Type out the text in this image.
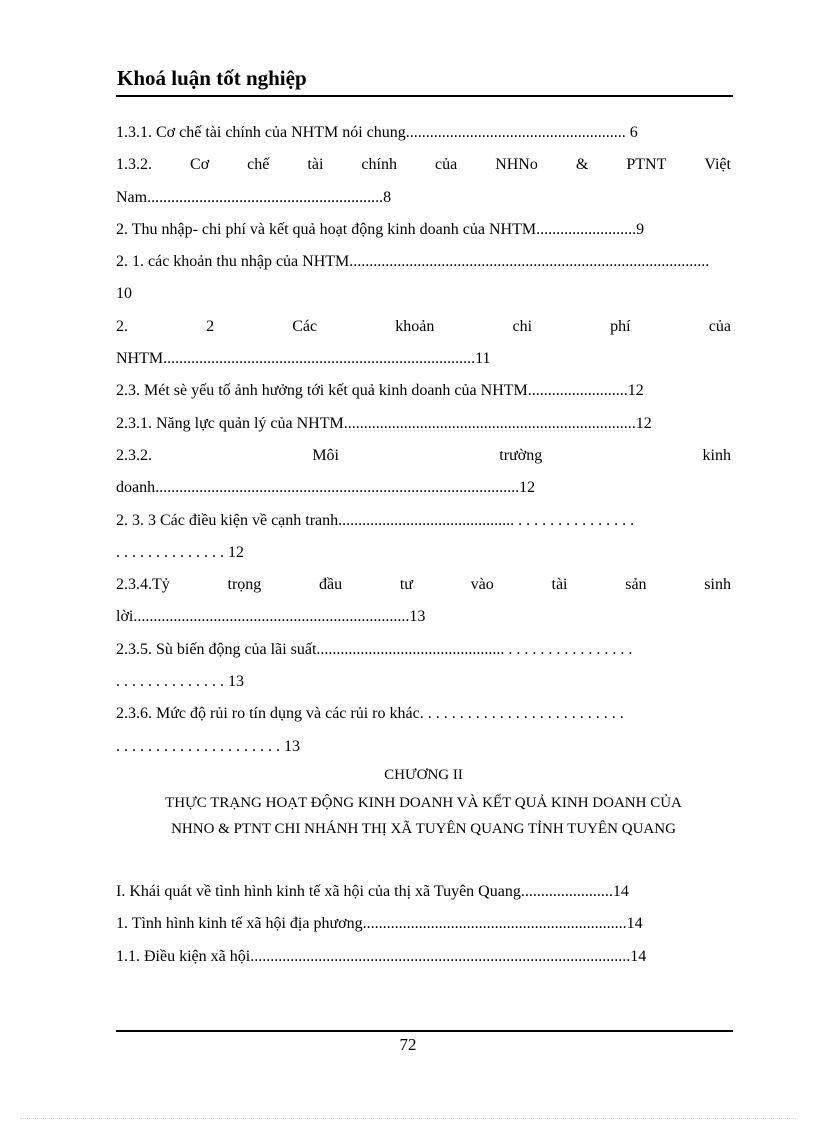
Khoá luận tốt nghiệp
1.3.1. Cơ chế tài chính của NHTM nói chung....................................................... 6
1.3.2. Cơ chế tài chính của NHNo & PTNT Việt
Nam...........................................................8
2. Thu nhập- chi phí và kết quả hoạt động kinh doanh của NHTM.........................9
2. 1. các khoản thu nhập của NHTM..........................................................................................
10
2.	2	Các	khoản	chi	phí	của
NHTM..............................................................................11
2.3. Mét sè yếu tố ảnh hưởng tới kết quả kinh doanh của NHTM.........................12
2.3.1. Năng lực quản lý của NHTM.........................................................................12
2.3.2.	Môi	trường	kinh
doanh...........................................................................................12
2. 3. 3 Các điều kiện về cạnh tranh............................................ . . . . . . . . . . . . . . .
. . . . . . . . . . . . . . 12
2.3.4.Tỷ	trọng	đầu	tư	vào	tài	sản	sinh
lời.....................................................................13
2.3.5. Sù biến động của lãi suất............................................... . . . . . . . . . . . . . . . .
. . . . . . . . . . . . . . 13
2.3.6. Mức độ rủi ro tín dụng và các rủi ro khác. . . . . . . . . . . . . . . . . . . . . . . . . .
. . . . . . . . . . . . . . . . . . . . . 13
CHƯƠNG II
THỰC TRẠNG HOẠT ĐỘNG KINH DOANH VÀ KẾT QUẢ KINH DOANH CỦA
NHNO & PTNT CHI NHÁNH THỊ XÃ TUYÊN QUANG TỈNH TUYÊN QUANG
I. Khái quát về tình hình kinh tế xã hội của thị xã Tuyên Quang.......................14
1. Tình hình kinh tế xã hội địa phương..................................................................14
1.1. Điều kiện xã hội...............................................................................................14
72
